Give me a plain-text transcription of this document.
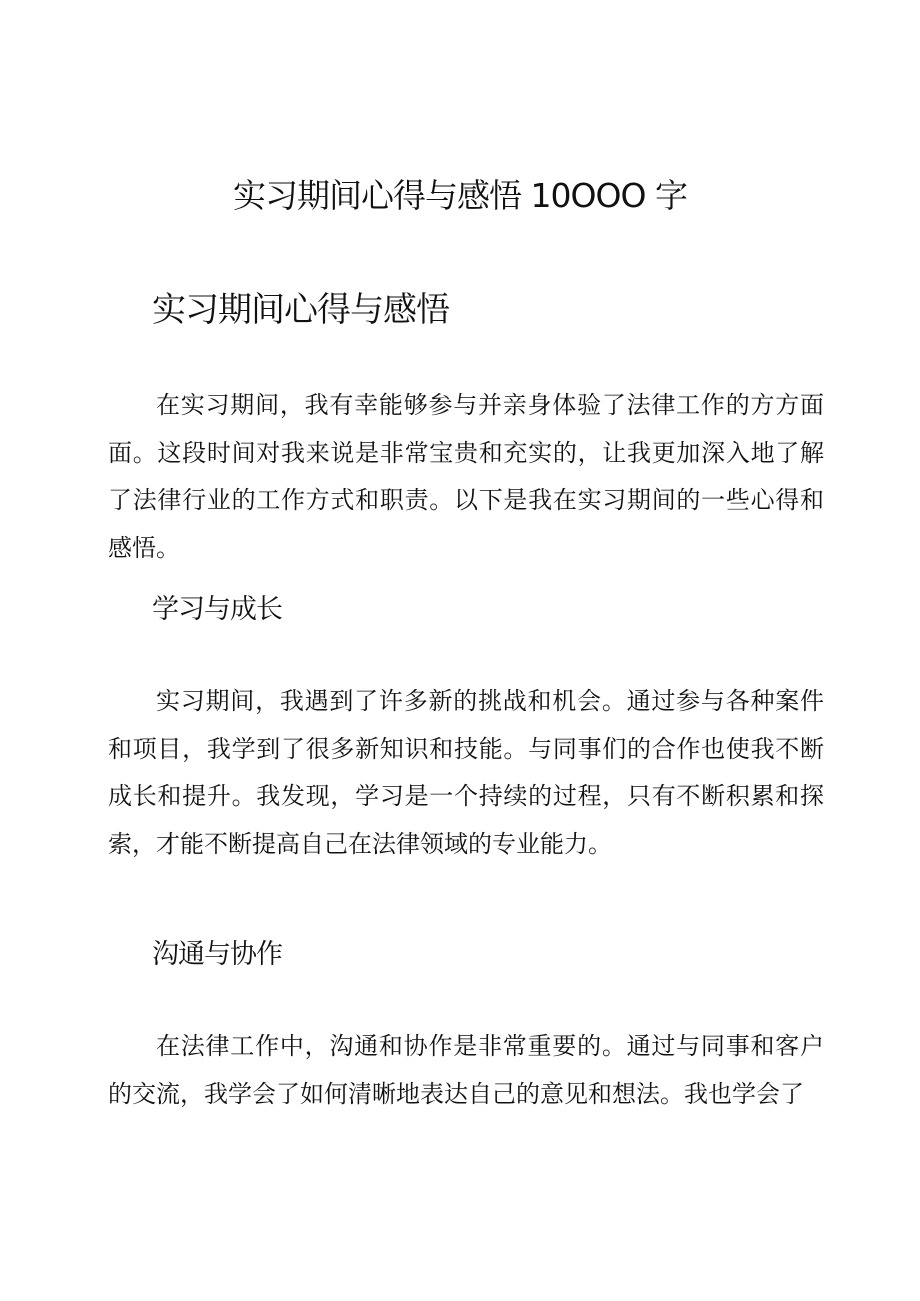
实习期间心得与感悟 10OOO 字
实习期间心得与感悟

在实习期间，我有幸能够参与并亲身体验了法律工作的方方面面。这段时间对我来说是非常宝贵和充实的，让我更加深入地了解了法律行业的工作方式和职责。以下是我在实习期间的一些心得和感悟。

学习与成长

实习期间，我遇到了许多新的挑战和机会。通过参与各种案件和项目，我学到了很多新知识和技能。与同事们的合作也使我不断成长和提升。我发现，学习是一个持续的过程，只有不断积累和探索，才能不断提高自己在法律领域的专业能力。

沟通与协作

在法律工作中，沟通和协作是非常重要的。通过与同事和客户的交流，我学会了如何清晰地表达自己的意见和想法。我也学会了
